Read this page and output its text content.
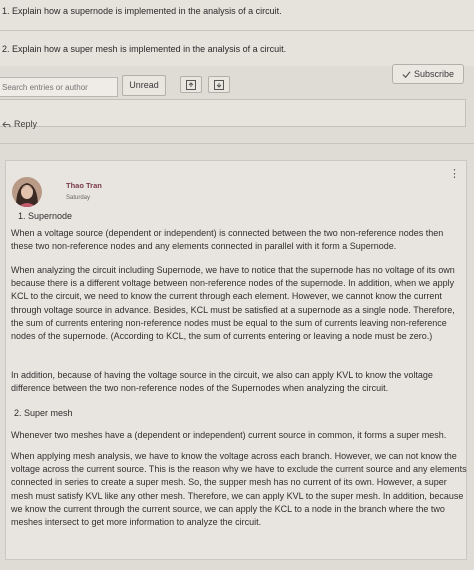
1. Explain how a supernode is implemented in the analysis of a circuit.
2. Explain how a super mesh is implemented in the analysis of a circuit.
Search entries or author
Unread
Subscribe
Reply
Thao Tran
Saturday
⋮
1. Supernode
When a voltage source (dependent or independent) is connected between the two non-reference nodes then these two non-reference nodes and any elements connected in parallel with it form a Supernode.
When analyzing the circuit including Supernode, we have to notice that the supernode has no voltage of its own because there is a different voltage between non-reference nodes of the supernode. In addition, when we apply KCL to the circuit, we need to know the current through each element. However, we cannot know the current through voltage source in advance. Besides, KCL must be satisfied at a supernode as a single node. Therefore, the sum of currents entering non-reference nodes must be equal to the sum of currents leaving non-reference nodes of the supernode. (According to KCL, the sum of currents entering or leaving a node must be zero.)
In addition, because of having the voltage source in the circuit, we also can apply KVL to know the voltage difference between the two non-reference nodes of the Supernodes when analyzing the circuit.
2. Super mesh
Whenever two meshes have a (dependent or independent) current source in common, it forms a super mesh.
When applying mesh analysis, we have to know the voltage across each branch. However, we can not know the voltage across the current source. This is the reason why we have to exclude the current source and any elements connected in series to create a super mesh. So, the supper mesh has no current of its own. However, a super mesh must satisfy KVL like any other mesh. Therefore, we can apply KVL to the super mesh. In addition, because we know the current through the current source, we can apply the KCL to a node in the branch where the two meshes intersect to get more information to analyze the circuit.
